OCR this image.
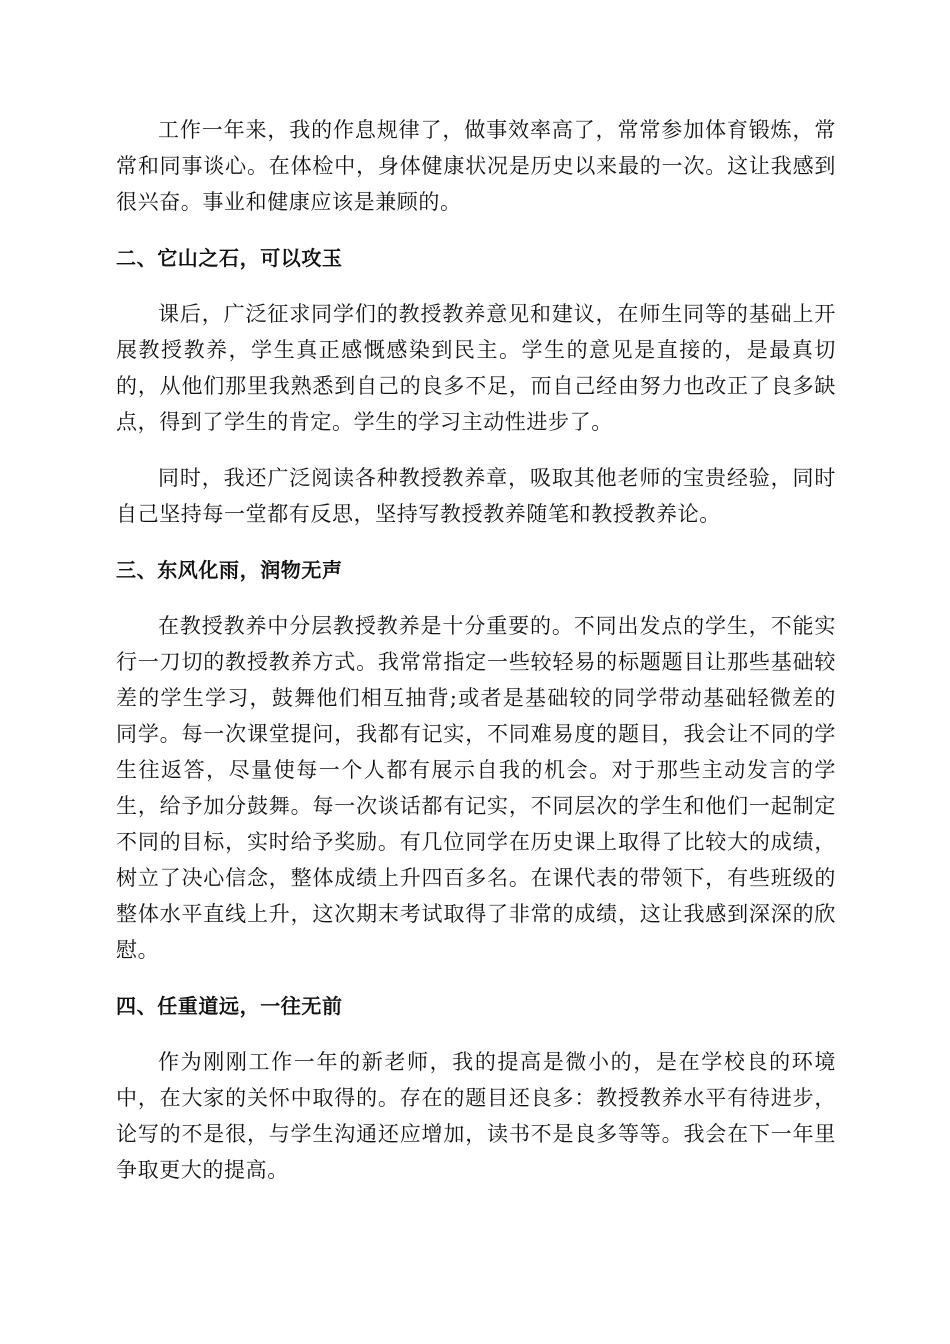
工作一年来，我的作息规律了，做事效率高了，常常参加体育锻炼，常常和同事谈心。在体检中，身体健康状况是历史以来最的一次。这让我感到很兴奋。事业和健康应该是兼顾的。

二、它山之石，可以攻玉

课后，广泛征求同学们的教授教养意见和建议，在师生同等的基础上开展教授教养，学生真正感慨感染到民主。学生的意见是直接的，是最真切的，从他们那里我熟悉到自己的良多不足，而自己经由努力也改正了良多缺点，得到了学生的肯定。学生的学习主动性进步了。

同时，我还广泛阅读各种教授教养章，吸取其他老师的宝贵经验，同时自己坚持每一堂都有反思，坚持写教授教养随笔和教授教养论。

三、东风化雨，润物无声

在教授教养中分层教授教养是十分重要的。不同出发点的学生，不能实行一刀切的教授教养方式。我常常指定一些较轻易的标题题目让那些基础较差的学生学习，鼓舞他们相互抽背;或者是基础较的同学带动基础轻微差的同学。每一次课堂提问，我都有记实，不同难易度的题目，我会让不同的学生往返答，尽量使每一个人都有展示自我的机会。对于那些主动发言的学生，给予加分鼓舞。每一次谈话都有记实，不同层次的学生和他们一起制定不同的目标，实时给予奖励。有几位同学在历史课上取得了比较大的成绩，树立了决心信念，整体成绩上升四百多名。在课代表的带领下，有些班级的整体水平直线上升，这次期末考试取得了非常的成绩，这让我感到深深的欣慰。

四、任重道远，一往无前

作为刚刚工作一年的新老师，我的提高是微小的，是在学校良的环境中，在大家的关怀中取得的。存在的题目还良多：教授教养水平有待进步，论写的不是很，与学生沟通还应增加，读书不是良多等等。我会在下一年里争取更大的提高。
